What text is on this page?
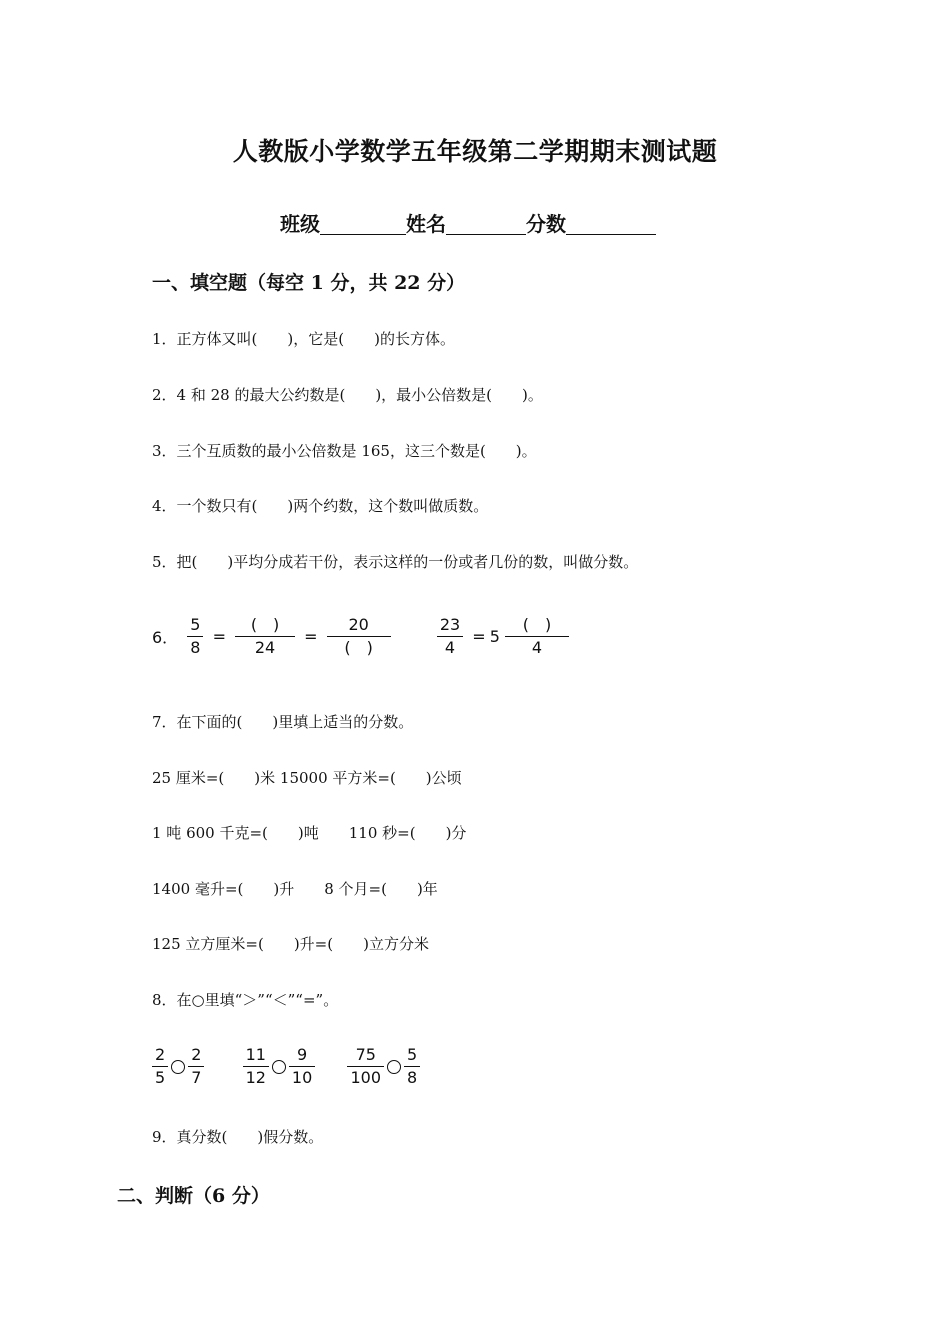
人教版小学数学五年级第二学期期末测试题
班级	姓名	分数
一、填空题（每空 1 分，共 22 分）
1．正方体又叫(　　)，它是(　　)的长方体。
2．4 和 28 的最大公约数是(　　)，最小公倍数是(　　)。
3．三个互质数的最小公倍数是 165，这三个数是(　　)。
4．一个数只有(　　)两个约数，这个数叫做质数。
5．把(　　)平均分成若干份，表示这样的一份或者几份的数，叫做分数。
6． $\frac{5}{8} = \frac{( )}{24} = \frac{20}{( )}$
	$\frac{23}{4} = 5 \frac{( )}{4}$
7．在下面的(　　)里填上适当的分数。
25 厘米=(　　)米 15000 平方米=(　　)公顷
1 吨 600 千克=(　　)吨　　110 秒=(　　)分
1400 毫升=(　　)升　　8 个月=(　　)年
125 立方厘米=(　　)升=(　　)立方分米
8．在○里填“＞”“＜”“=”。
$\frac{2}{5} \frac{2}{7}$
$\frac{11}{12} \frac{9}{10}$
$\frac{75}{100} \frac{5}{8}$
9．真分数(　　)假分数。
二、判断（6 分）
